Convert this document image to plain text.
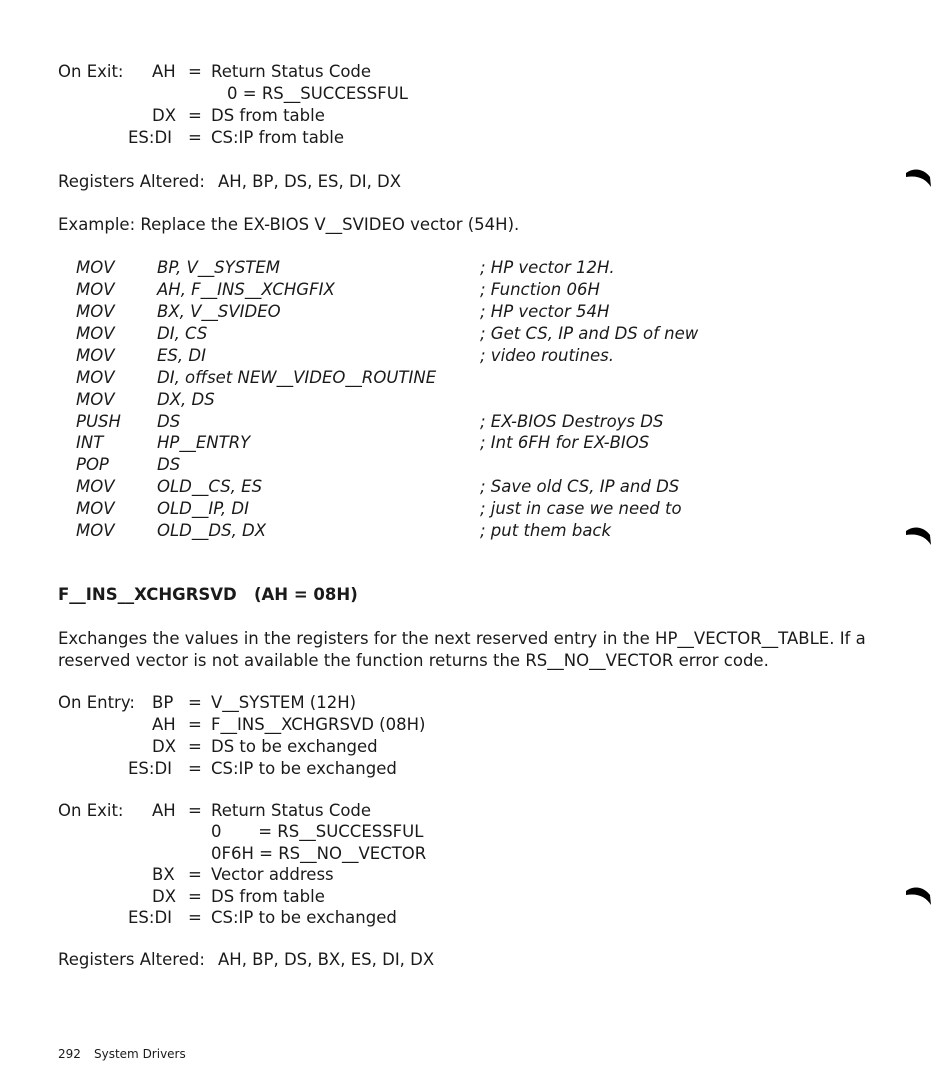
On Exit: AH = Return Status Code
0 = RS__SUCCESSFUL
DX = DS from table
ES:DI = CS:IP from table
Registers Altered: AH, BP, DS, ES, DI, DX
Example: Replace the EX-BIOS V__SVIDEO vector (54H).
MOV	BP, V__SYSTEM	; HP vector 12H.
MOV	AH, F__INS__XCHGFIX	; Function 06H
MOV	BX, V__SVIDEO	; HP vector 54H
MOV	DI, CS	; Get CS, IP and DS of new
MOV	ES, DI	; video routines.
MOV	DI, offset NEW__VIDEO__ROUTINE
MOV	DX, DS
PUSH DS	; EX-BIOS Destroys DS
INT	HP__ENTRY	; Int 6FH for EX-BIOS
POP	DS
MOV	OLD__CS, ES	; Save old CS, IP and DS
MOV	OLD__IP, DI	; just in case we need to
MOV	OLD__DS, DX	; put them back
F__INS__XCHGRSVD   (AH = 08H)
Exchanges the values in the registers for the next reserved entry in the HP__VECTOR__TABLE. If a
reserved vector is not available the function returns the RS__NO__VECTOR error code.
On Entry: BP = V__SYSTEM (12H)
AH = F__INS__XCHGRSVD (08H)
DX = DS to be exchanged
ES:DI = CS:IP to be exchanged
On Exit: AH = Return Status Code
0       = RS__SUCCESSFUL
0F6H = RS__NO__VECTOR
BX = Vector address
DX = DS from table
ES:DI = CS:IP to be exchanged
Registers Altered: AH, BP, DS, BX, ES, DI, DX
292 System Drivers
